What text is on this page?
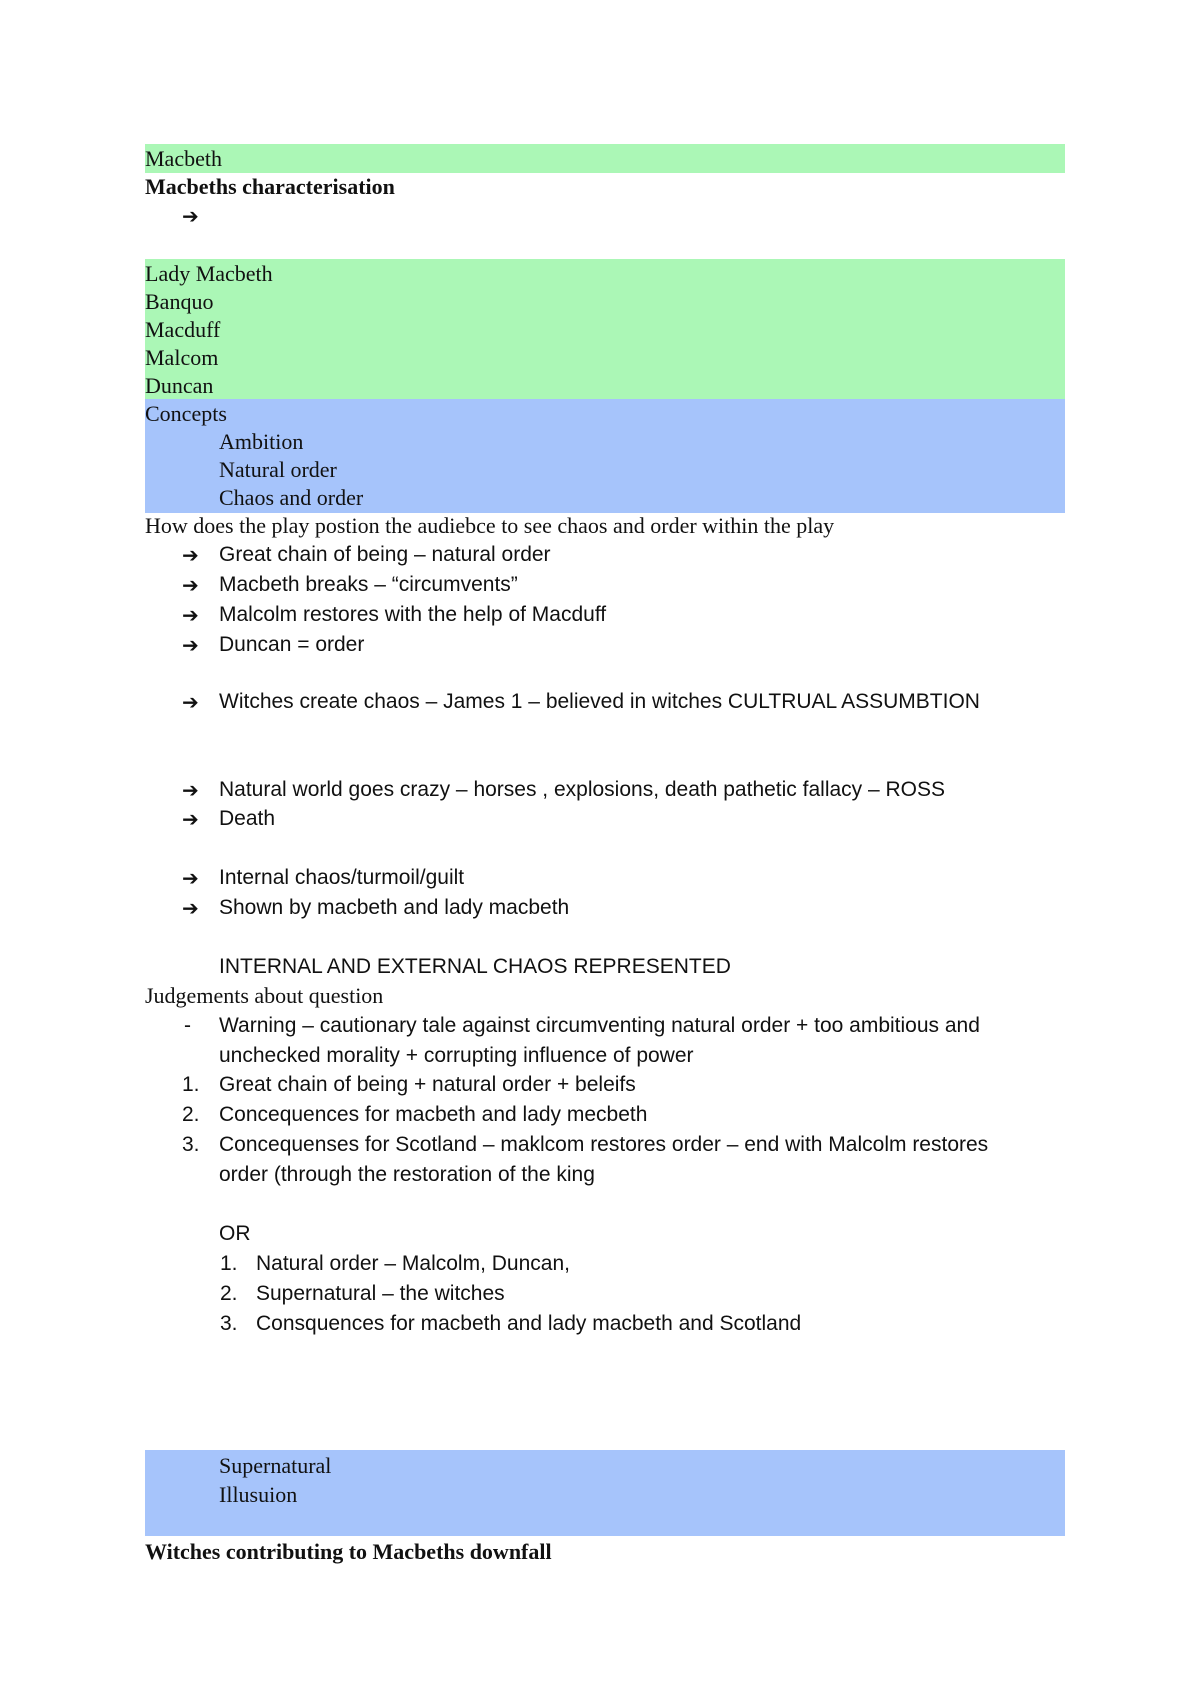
Macbeth
Macbeths characterisation
➔
Lady Macbeth
Banquo
Macduff
Malcom
Duncan
Concepts
Ambition
Natural order
Chaos and order
How does the play postion the audiebce to see chaos and order within the play
➔ Great chain of being – natural order
➔ Macbeth breaks – “circumvents”
➔ Malcolm restores with the help of Macduff
➔ Duncan = order
➔ Witches create chaos – James 1 – believed in witches CULTRUAL ASSUMBTION
➔ Natural world goes crazy – horses , explosions, death pathetic fallacy – ROSS
➔ Death
➔ Internal chaos/turmoil/guilt
➔ Shown by macbeth and lady macbeth
INTERNAL AND EXTERNAL CHAOS REPRESENTED
Judgements about question
- Warning – cautionary tale against circumventing natural order + too ambitious and
unchecked morality + corrupting influence of power
1. Great chain of being + natural order + beleifs
2. Concequences for macbeth and lady mecbeth
3. Concequenses for Scotland – maklcom restores order – end with Malcolm restores
order (through the restoration of the king
OR
1. Natural order – Malcolm, Duncan,
2. Supernatural – the witches
3. Consquences for macbeth and lady macbeth and Scotland
Supernatural
Illusuion
Witches contributing to Macbeths downfall
